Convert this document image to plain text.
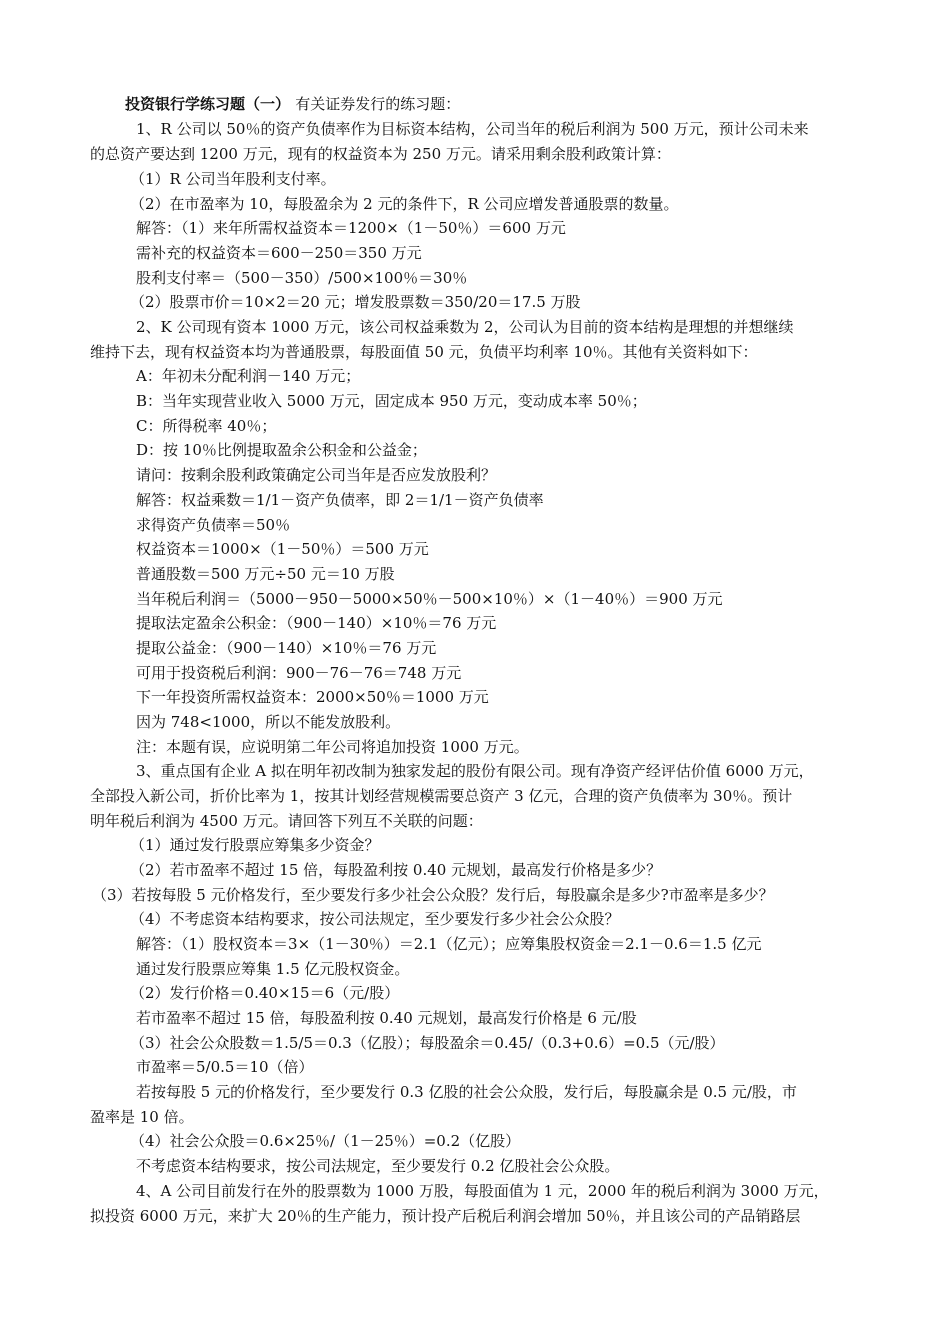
投资银行学练习题（一） 有关证券发行的练习题：

1、R 公司以 50％的资产负债率作为目标资本结构，公司当年的税后利润为 500 万元，预计公司未来

的总资产要达到 1200 万元，现有的权益资本为 250 万元。请采用剩余股利政策计算：

（1）R 公司当年股利支付率。

（2）在市盈率为 10，每股盈余为 2 元的条件下，R 公司应增发普通股票的数量。

解答：（1）来年所需权益资本＝1200×（1－50％）＝600 万元

需补充的权益资本＝600－250＝350 万元

股利支付率＝（500－350）/500×100％＝30％

（2）股票市价＝10×2＝20 元；增发股票数＝350/20＝17.5 万股

2、K 公司现有资本 1000 万元，该公司权益乘数为 2，公司认为目前的资本结构是理想的并想继续

维持下去，现有权益资本均为普通股票，每股面值 50 元，负债平均利率 10％。其他有关资料如下：

A：年初未分配利润－140 万元；

B：当年实现营业收入 5000 万元，固定成本 950 万元，变动成本率 50％；

C：所得税率 40％；

D：按 10％比例提取盈余公积金和公益金；

请问：按剩余股利政策确定公司当年是否应发放股利？

解答：权益乘数＝1/1－资产负债率，即 2＝1/1－资产负债率

求得资产负债率＝50％

权益资本＝1000×（1－50％）＝500 万元

普通股数＝500 万元÷50 元＝10 万股

当年税后利润＝（5000－950－5000×50％－500×10％）×（1－40％）＝900 万元

提取法定盈余公积金：（900－140）×10％＝76 万元

提取公益金：（900－140）×10％＝76 万元

可用于投资税后利润：900－76－76＝748 万元

下一年投资所需权益资本：2000×50％＝1000 万元

因为 748<1000，所以不能发放股利。

注：本题有误，应说明第二年公司将追加投资 1000 万元。

3、重点国有企业 A 拟在明年初改制为独家发起的股份有限公司。现有净资产经评估价值 6000 万元，

全部投入新公司，折价比率为 1，按其计划经营规模需要总资产 3 亿元，合理的资产负债率为 30％。预计

明年税后利润为 4500 万元。请回答下列互不关联的问题：

（1）通过发行股票应筹集多少资金？

（2）若市盈率不超过 15 倍，每股盈利按 0.40 元规划，最高发行价格是多少？

（3）若按每股 5 元价格发行，至少要发行多少社会公众股？发行后，每股赢余是多少?市盈率是多少？

（4）不考虑资本结构要求，按公司法规定，至少要发行多少社会公众股？

解答：（1）股权资本＝3×（1－30％）＝2.1（亿元）；应筹集股权资金＝2.1－0.6＝1.5 亿元

通过发行股票应筹集 1.5 亿元股权资金。

（2）发行价格＝0.40×15＝6（元/股）

若市盈率不超过 15 倍，每股盈利按 0.40 元规划，最高发行价格是 6 元/股

（3）社会公众股数＝1.5/5＝0.3（亿股）；每股盈余＝0.45/（0.3+0.6）=0.5（元/股）

市盈率＝5/0.5＝10（倍）

若按每股 5 元的价格发行，至少要发行 0.3 亿股的社会公众股，发行后，每股赢余是 0.5 元/股，市

盈率是 10 倍。

（4）社会公众股＝0.6×25％/（1－25％）=0.2（亿股）

不考虑资本结构要求，按公司法规定，至少要发行 0.2 亿股社会公众股。

4、A 公司目前发行在外的股票数为 1000 万股，每股面值为 1 元，2000 年的税后利润为 3000 万元，

拟投资 6000 万元，来扩大 20％的生产能力，预计投产后税后利润会增加 50％，并且该公司的产品销路层
